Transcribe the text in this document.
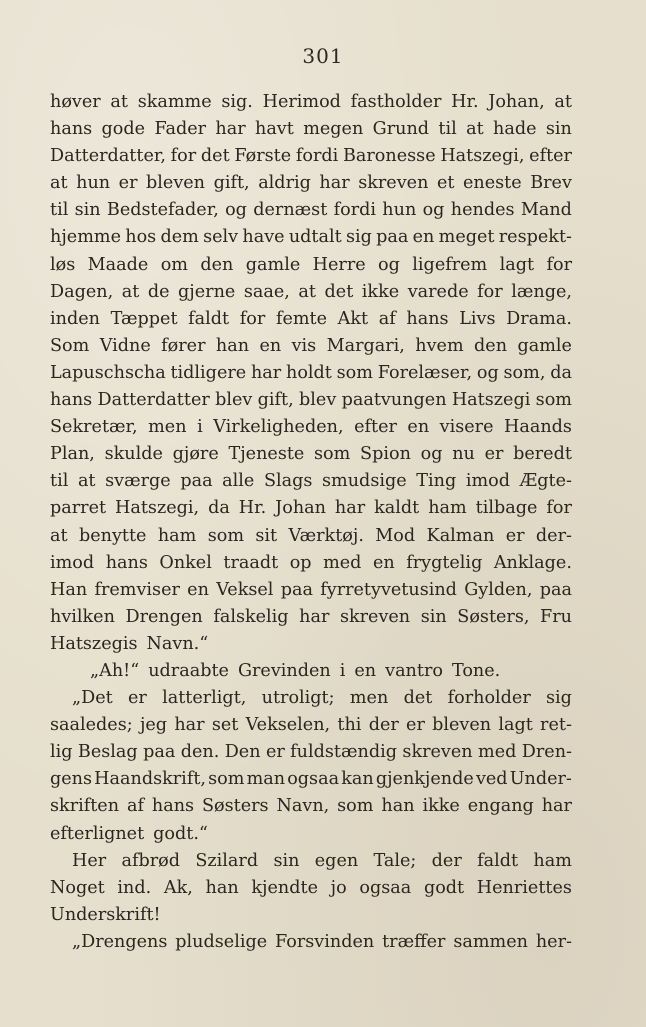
301
høver at skamme sig. Herimod fastholder Hr. Johan, at
hans gode Fader har havt megen Grund til at hade sin
Datterdatter, for det Første fordi Baronesse Hatszegi, efter
at hun er bleven gift, aldrig har skreven et eneste Brev
til sin Bedstefader, og dernæst fordi hun og hendes Mand
hjemme hos dem selv have udtalt sig paa en meget respekt-
løs Maade om den gamle Herre og ligefrem lagt for
Dagen, at de gjerne saae, at det ikke varede for længe,
inden Tæppet faldt for femte Akt af hans Livs Drama.
Som Vidne fører han en vis Margari, hvem den gamle
Lapuschscha tidligere har holdt som Forelæser, og som, da
hans Datterdatter blev gift, blev paatvungen Hatszegi som
Sekretær, men i Virkeligheden, efter en visere Haands
Plan, skulde gjøre Tjeneste som Spion og nu er beredt
til at sværge paa alle Slags smudsige Ting imod Ægte-
parret Hatszegi, da Hr. Johan har kaldt ham tilbage for
at benytte ham som sit Værktøj. Mod Kalman er der-
imod hans Onkel traadt op med en frygtelig Anklage.
Han fremviser en Veksel paa fyrretyvetusind Gylden, paa
hvilken Drengen falskelig har skreven sin Søsters, Fru
Hatszegis Navn.“
„Ah!“ udraabte Grevinden i en vantro Tone.
„Det er latterligt, utroligt; men det forholder sig
saaledes; jeg har set Vekselen, thi der er bleven lagt ret-
lig Beslag paa den. Den er fuldstændig skreven med Dren-
gens Haandskrift, som man ogsaa kan gjenkjende ved Under-
skriften af hans Søsters Navn, som han ikke engang har
efterlignet godt.“
Her afbrød Szilard sin egen Tale; der faldt ham
Noget ind. Ak, han kjendte jo ogsaa godt Henriettes
Underskrift!
„Drengens pludselige Forsvinden træffer sammen her-
